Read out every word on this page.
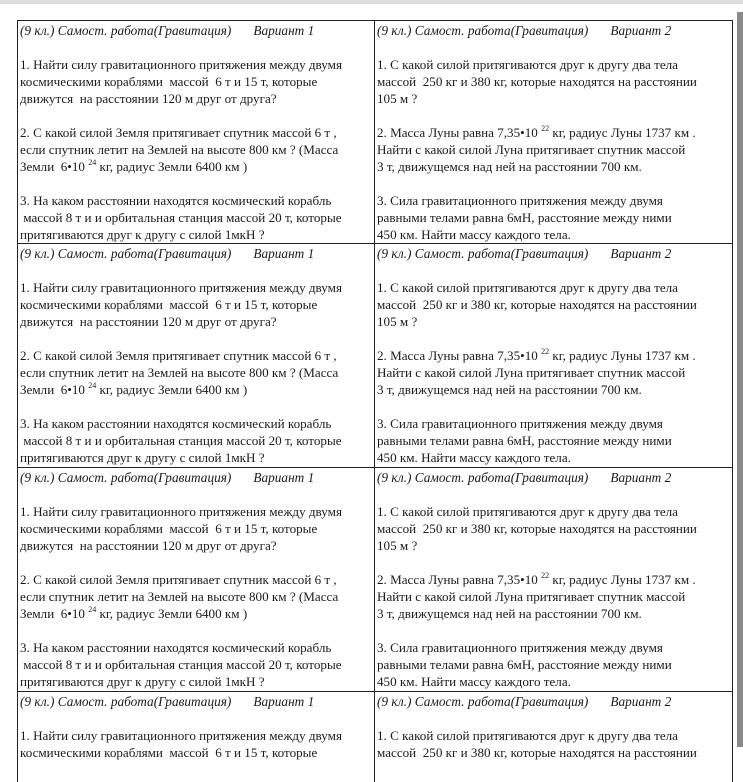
(9 кл.) Самост. работа(Гравитация) Вариант 1
1. Найти силу гравитационного притяжения между двумя
космическими кораблями  массой  6 т и 15 т, которые
движутся  на расстоянии 120 м друг от друга?
2. С какой силой Земля притягивает спутник массой 6 т ,
если спутник летит на Землей на высоте 800 км ? (Масса
Земли  6•10 $^{24}$ кг, радиус Земли 6400 км )
3. На каком расстоянии находятся космический корабль
массой 8 т и и орбитальная станция массой 20 т, которые
притягиваются друг к другу с силой 1мкН ?
(9 кл.) Самост. работа(Гравитация) Вариант 2
1. С какой силой притягиваются друг к другу два тела
массой  250 кг и 380 кг, которые находятся на расстоянии
105 м ?
2. Масса Луны равна 7,35•10 $^{22}$ кг, радиус Луны 1737 км .
Найти с какой силой Луна притягивает спутник массой
3 т, движущемся над ней на расстоянии 700 км.
3. Сила гравитационного притяжения между двумя
равными телами равна 6мН, расстояние между ними
450 км. Найти массу каждого тела.
(9 кл.) Самост. работа(Гравитация) Вариант 1
1. Найти силу гравитационного притяжения между двумя
космическими кораблями  массой  6 т и 15 т, которые
движутся  на расстоянии 120 м друг от друга?
2. С какой силой Земля притягивает спутник массой 6 т ,
если спутник летит на Землей на высоте 800 км ? (Масса
Земли  6•10 $^{24}$ кг, радиус Земли 6400 км )
3. На каком расстоянии находятся космический корабль
массой 8 т и и орбитальная станция массой 20 т, которые
притягиваются друг к другу с силой 1мкН ?
(9 кл.) Самост. работа(Гравитация) Вариант 2
1. С какой силой притягиваются друг к другу два тела
массой  250 кг и 380 кг, которые находятся на расстоянии
105 м ?
2. Масса Луны равна 7,35•10 $^{22}$ кг, радиус Луны 1737 км .
Найти с какой силой Луна притягивает спутник массой
3 т, движущемся над ней на расстоянии 700 км.
3. Сила гравитационного притяжения между двумя
равными телами равна 6мН, расстояние между ними
450 км. Найти массу каждого тела.
(9 кл.) Самост. работа(Гравитация) Вариант 1
1. Найти силу гравитационного притяжения между двумя
космическими кораблями  массой  6 т и 15 т, которые
движутся  на расстоянии 120 м друг от друга?
2. С какой силой Земля притягивает спутник массой 6 т ,
если спутник летит на Землей на высоте 800 км ? (Масса
Земли  6•10 $^{24}$ кг, радиус Земли 6400 км )
3. На каком расстоянии находятся космический корабль
массой 8 т и и орбитальная станция массой 20 т, которые
притягиваются друг к другу с силой 1мкН ?
(9 кл.) Самост. работа(Гравитация) Вариант 2
1. С какой силой притягиваются друг к другу два тела
массой  250 кг и 380 кг, которые находятся на расстоянии
105 м ?
2. Масса Луны равна 7,35•10 $^{22}$ кг, радиус Луны 1737 км .
Найти с какой силой Луна притягивает спутник массой
3 т, движущемся над ней на расстоянии 700 км.
3. Сила гравитационного притяжения между двумя
равными телами равна 6мН, расстояние между ними
450 км. Найти массу каждого тела.
(9 кл.) Самост. работа(Гравитация) Вариант 1
1. Найти силу гравитационного притяжения между двумя
космическими кораблями  массой  6 т и 15 т, которые
(9 кл.) Самост. работа(Гравитация) Вариант 2
1. С какой силой притягиваются друг к другу два тела
массой  250 кг и 380 кг, которые находятся на расстоянии
